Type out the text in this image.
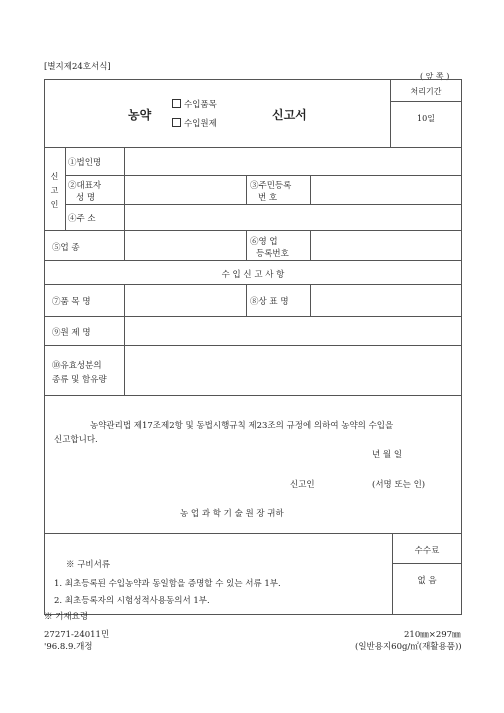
[별지제24호서식]
( 앞 쪽 )
농약
수입품목
수입원제
신고서
처리기간
10일
신
고
인
①법인명
②대표자
성 명
③주민등록
번 호
④주 소
⑤업 종
⑥영 업
등록번호
수 입 신 고 사 항
⑦품 목 명	⑧상 표 명
⑨원 제 명
⑩유효성분의
종류 및 함유량
농약관리법 제17조제2항 및 동법시행규칙 제23조의 규정에 의하여 농약의 수입을
신고합니다.
년 월 일
신고인	(서명 또는 인)
농 업 과 학 기 술 원 장 귀하
※ 구비서류
1. 최초등록된 수입농약과 동일함을 증명할 수 있는 서류 1부.
2. 최초등록자의 시험성적사용동의서 1부.
※ 기재요령
수수료
없 음
27271-24011민
'96.8.9.개정
210㎜×297㎜
(일반용지60g/㎡(재활용품))
